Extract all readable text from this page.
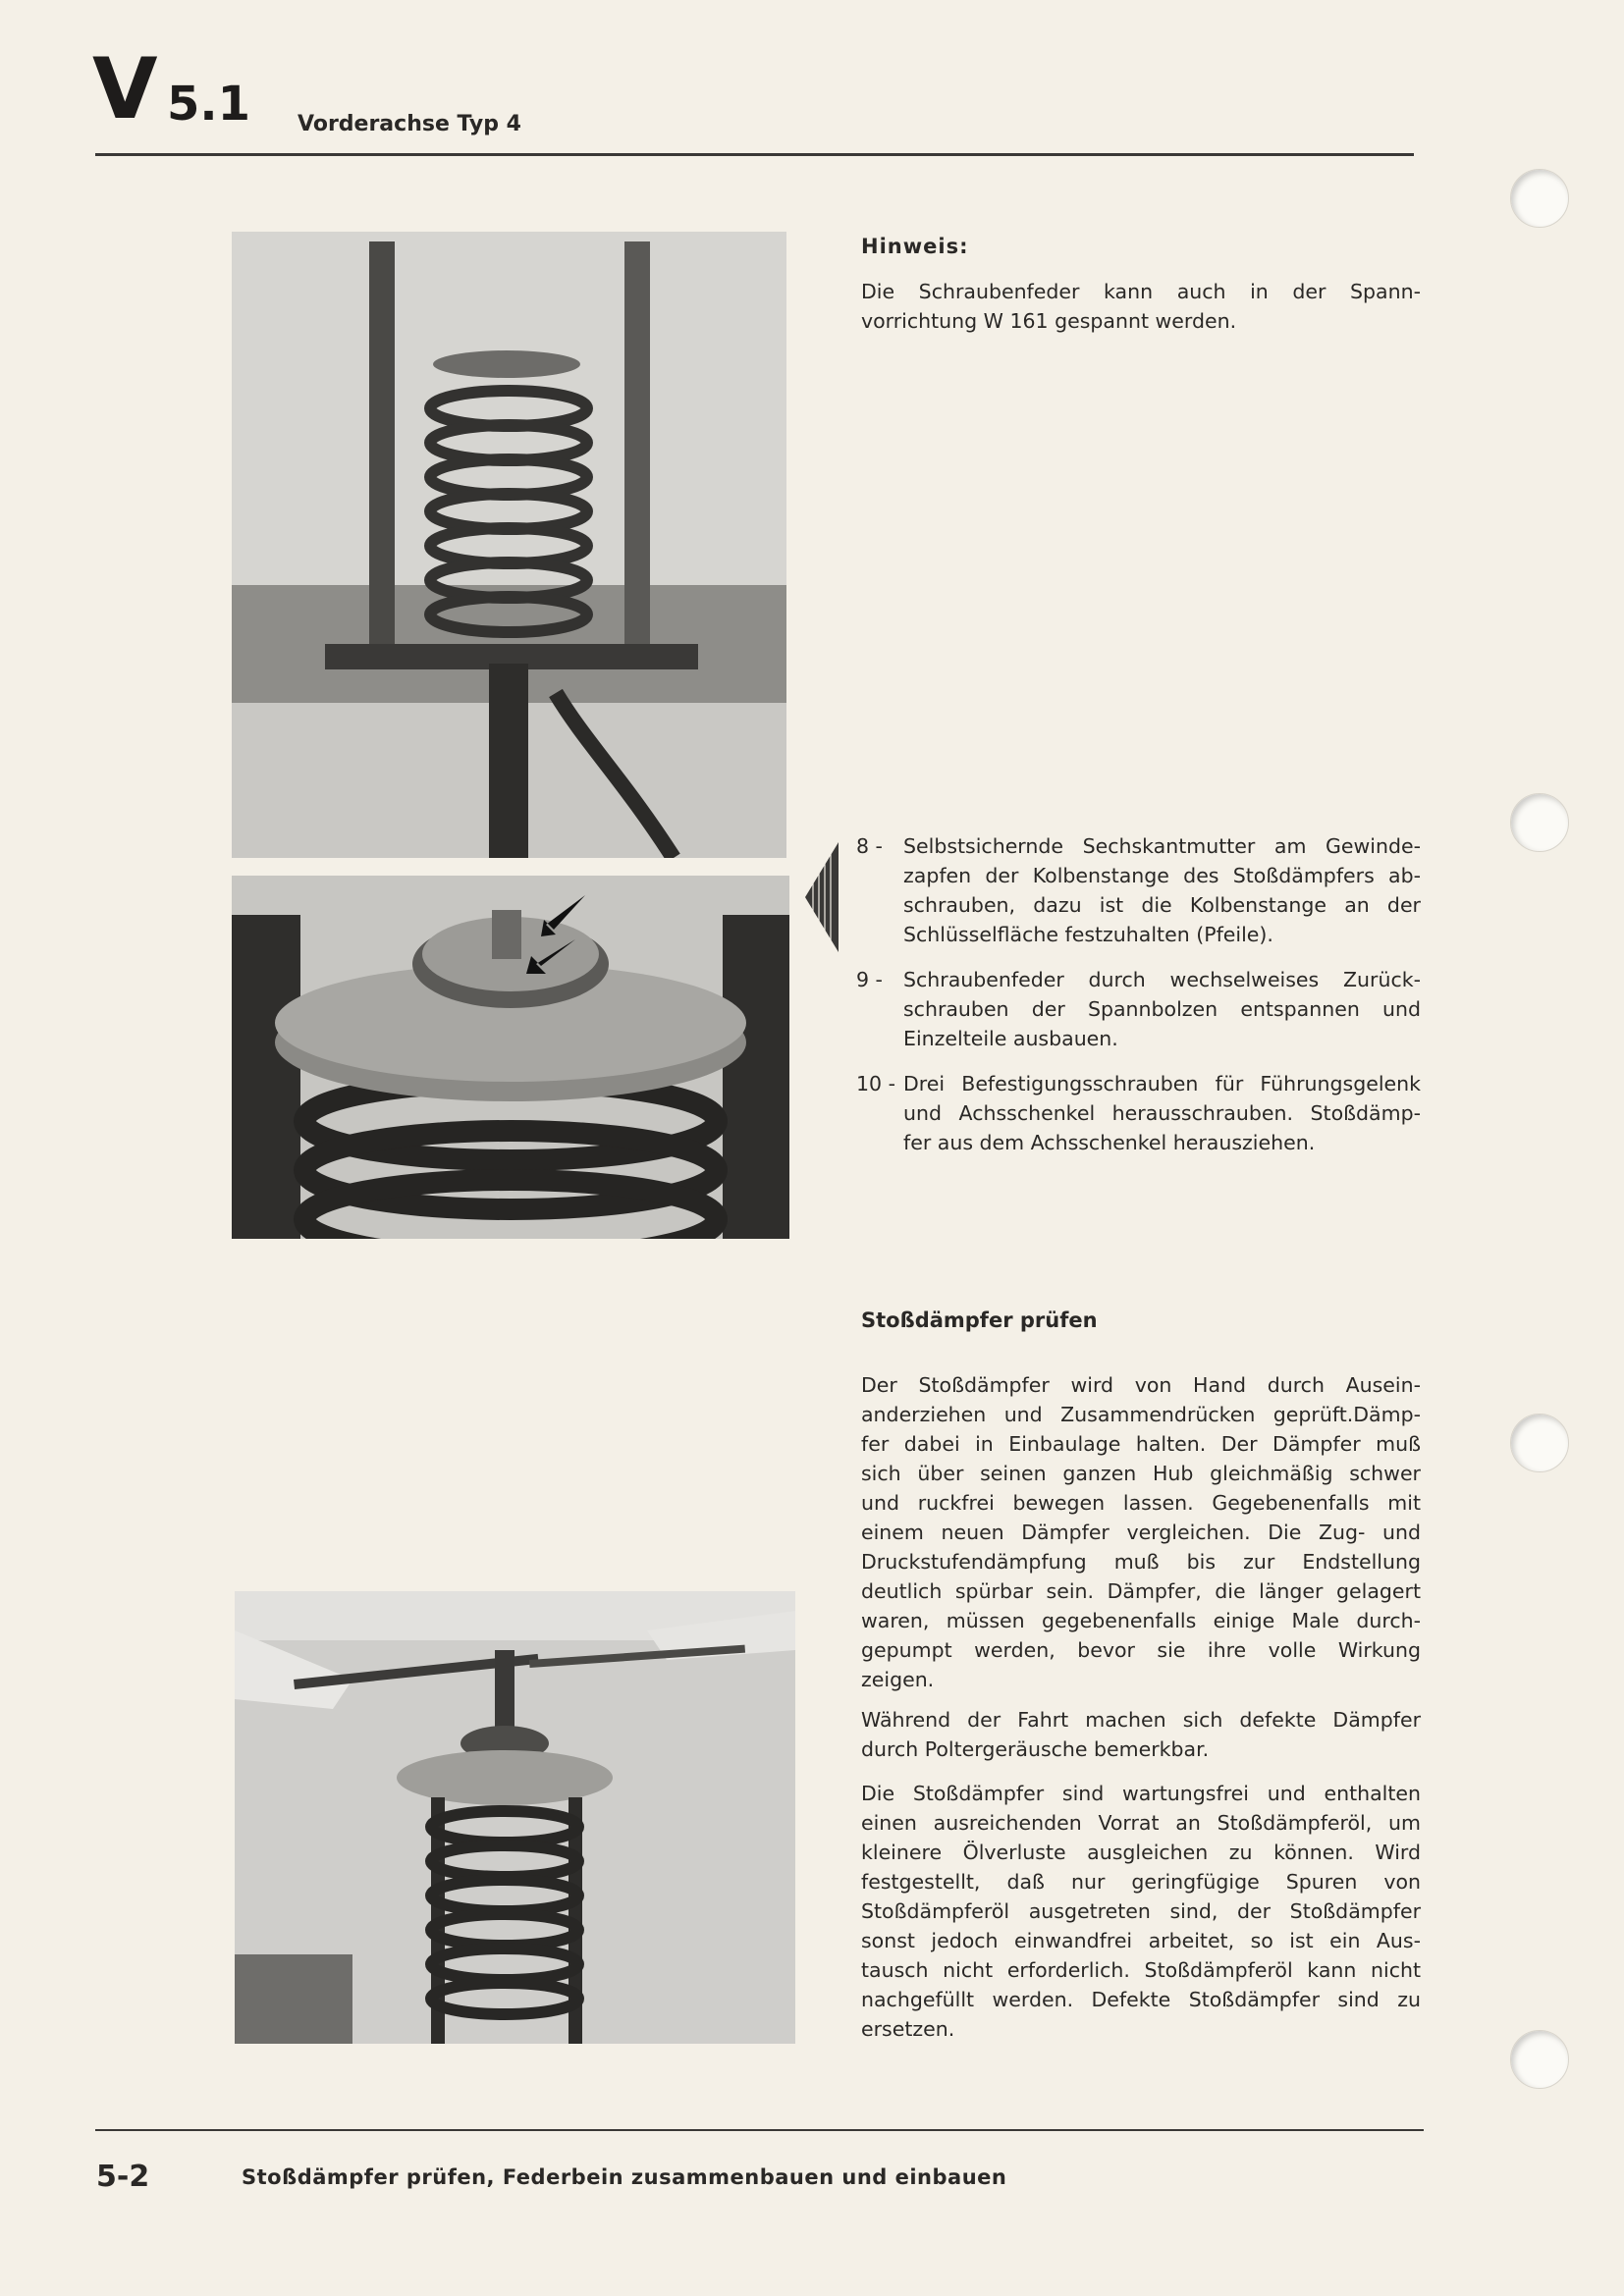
V 5.1 Vorderachse Typ 4
Hinweis:
Die Schraubenfeder kann auch in der Spann-
vorrichtung W 161 gespannt werden.
8 -	Selbstsichernde Sechskantmutter am Gewinde-
zapfen der Kolbenstange des Stoßdämpfers ab-
schrauben, dazu ist die Kolbenstange an der
Schlüsselfläche festzuhalten (Pfeile).
9 -	Schraubenfeder durch wechselweises Zurück-
schrauben der Spannbolzen entspannen und
Einzelteile ausbauen.
10 - Drei Befestigungsschrauben für Führungsgelenk
und Achsschenkel herausschrauben. Stoßdämp-
fer aus dem Achsschenkel herausziehen.
Stoßdämpfer prüfen
Der Stoßdämpfer wird von Hand durch Ausein-
anderziehen und Zusammendrücken geprüft.Dämp-
fer dabei in Einbaulage halten. Der Dämpfer muß
sich über seinen ganzen Hub gleichmäßig schwer
und ruckfrei bewegen lassen. Gegebenenfalls mit
einem neuen Dämpfer vergleichen. Die Zug- und
Druckstufendämpfung muß bis zur Endstellung
deutlich spürbar sein. Dämpfer, die länger gelagert
waren, müssen gegebenenfalls einige Male durch-
gepumpt werden, bevor sie ihre volle Wirkung
zeigen.
Während der Fahrt machen sich defekte Dämpfer
durch Poltergeräusche bemerkbar.
Die Stoßdämpfer sind wartungsfrei und enthalten
einen ausreichenden Vorrat an Stoßdämpferöl, um
kleinere Ölverluste ausgleichen zu können. Wird
festgestellt, daß nur geringfügige Spuren von
Stoßdämpferöl ausgetreten sind, der Stoßdämpfer
sonst jedoch einwandfrei arbeitet, so ist ein Aus-
tausch nicht erforderlich. Stoßdämpferöl kann nicht
nachgefüllt werden. Defekte Stoßdämpfer sind zu
ersetzen.
5-2	Stoßdämpfer prüfen, Federbein zusammenbauen und einbauen
